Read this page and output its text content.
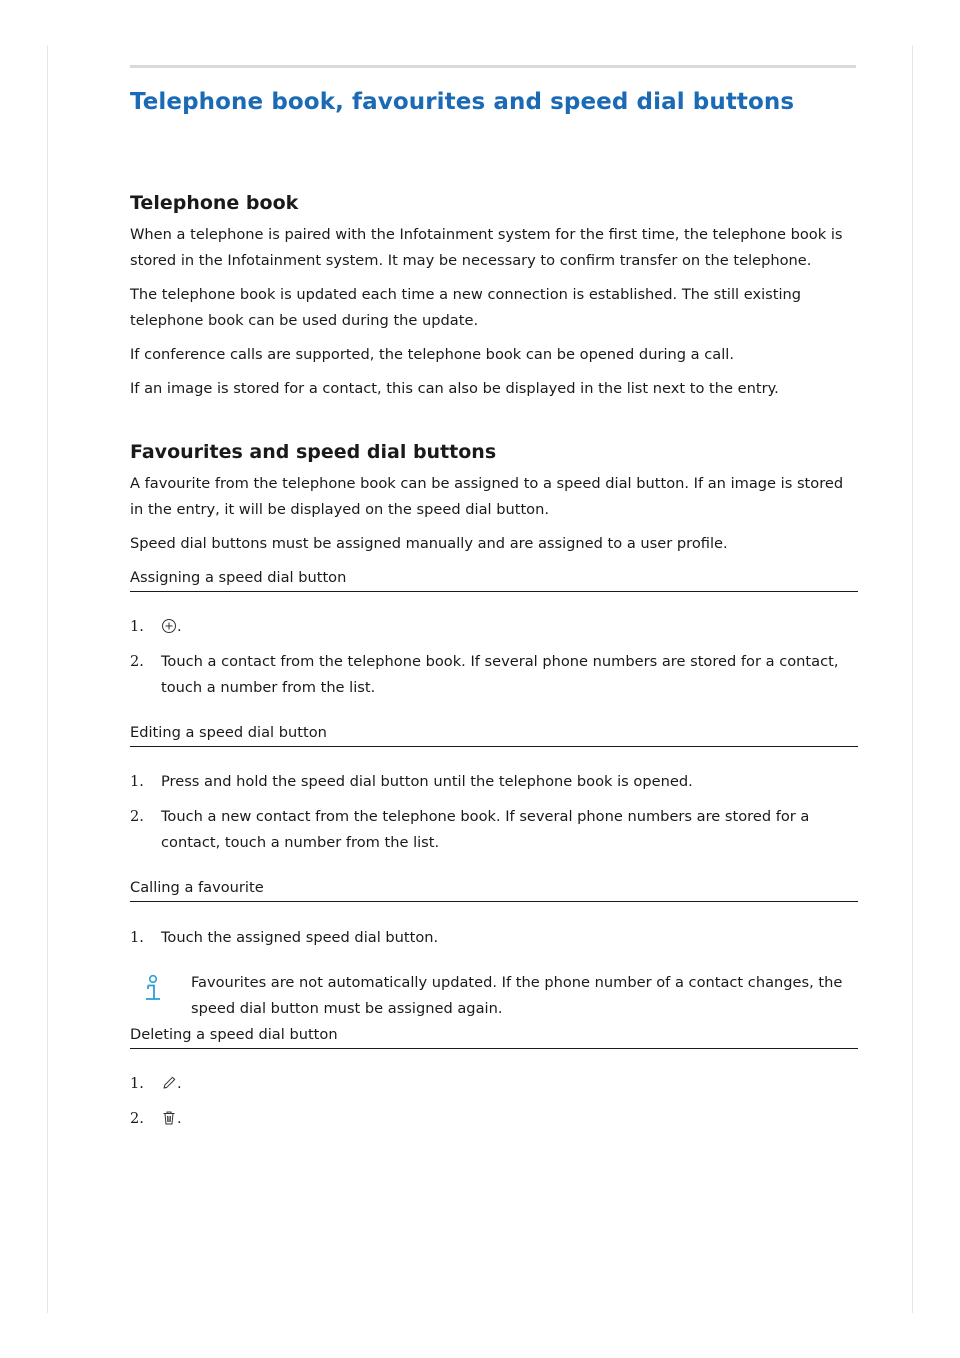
Telephone book, favourites and speed dial buttons
Telephone book

When a telephone is paired with the Infotainment system for the first time, the telephone book is stored in the Infotainment system. It may be necessary to confirm transfer on the telephone.

The telephone book is updated each time a new connection is established. The still existing telephone book can be used during the update.

If conference calls are supported, the telephone book can be opened during a call.

If an image is stored for a contact, this can also be displayed in the list next to the entry.

Favourites and speed dial buttons

A favourite from the telephone book can be assigned to a speed dial button. If an image is stored in the entry, it will be displayed on the speed dial button.

Speed dial buttons must be assigned manually and are assigned to a user profile.

Assigning a speed dial button
1.	.
2. Touch a contact from the telephone book. If several phone numbers are stored for a contact, touch a number from the list.
Editing a speed dial button
1. Press and hold the speed dial button until the telephone book is opened.
2. Touch a new contact from the telephone book. If several phone numbers are stored for a contact, touch a number from the list.
Calling a favourite
1. Touch the assigned speed dial button.
Favourites are not automatically updated. If the phone number of a contact changes, the speed dial button must be assigned again.
Deleting a speed dial button
1.	.
2.	.
